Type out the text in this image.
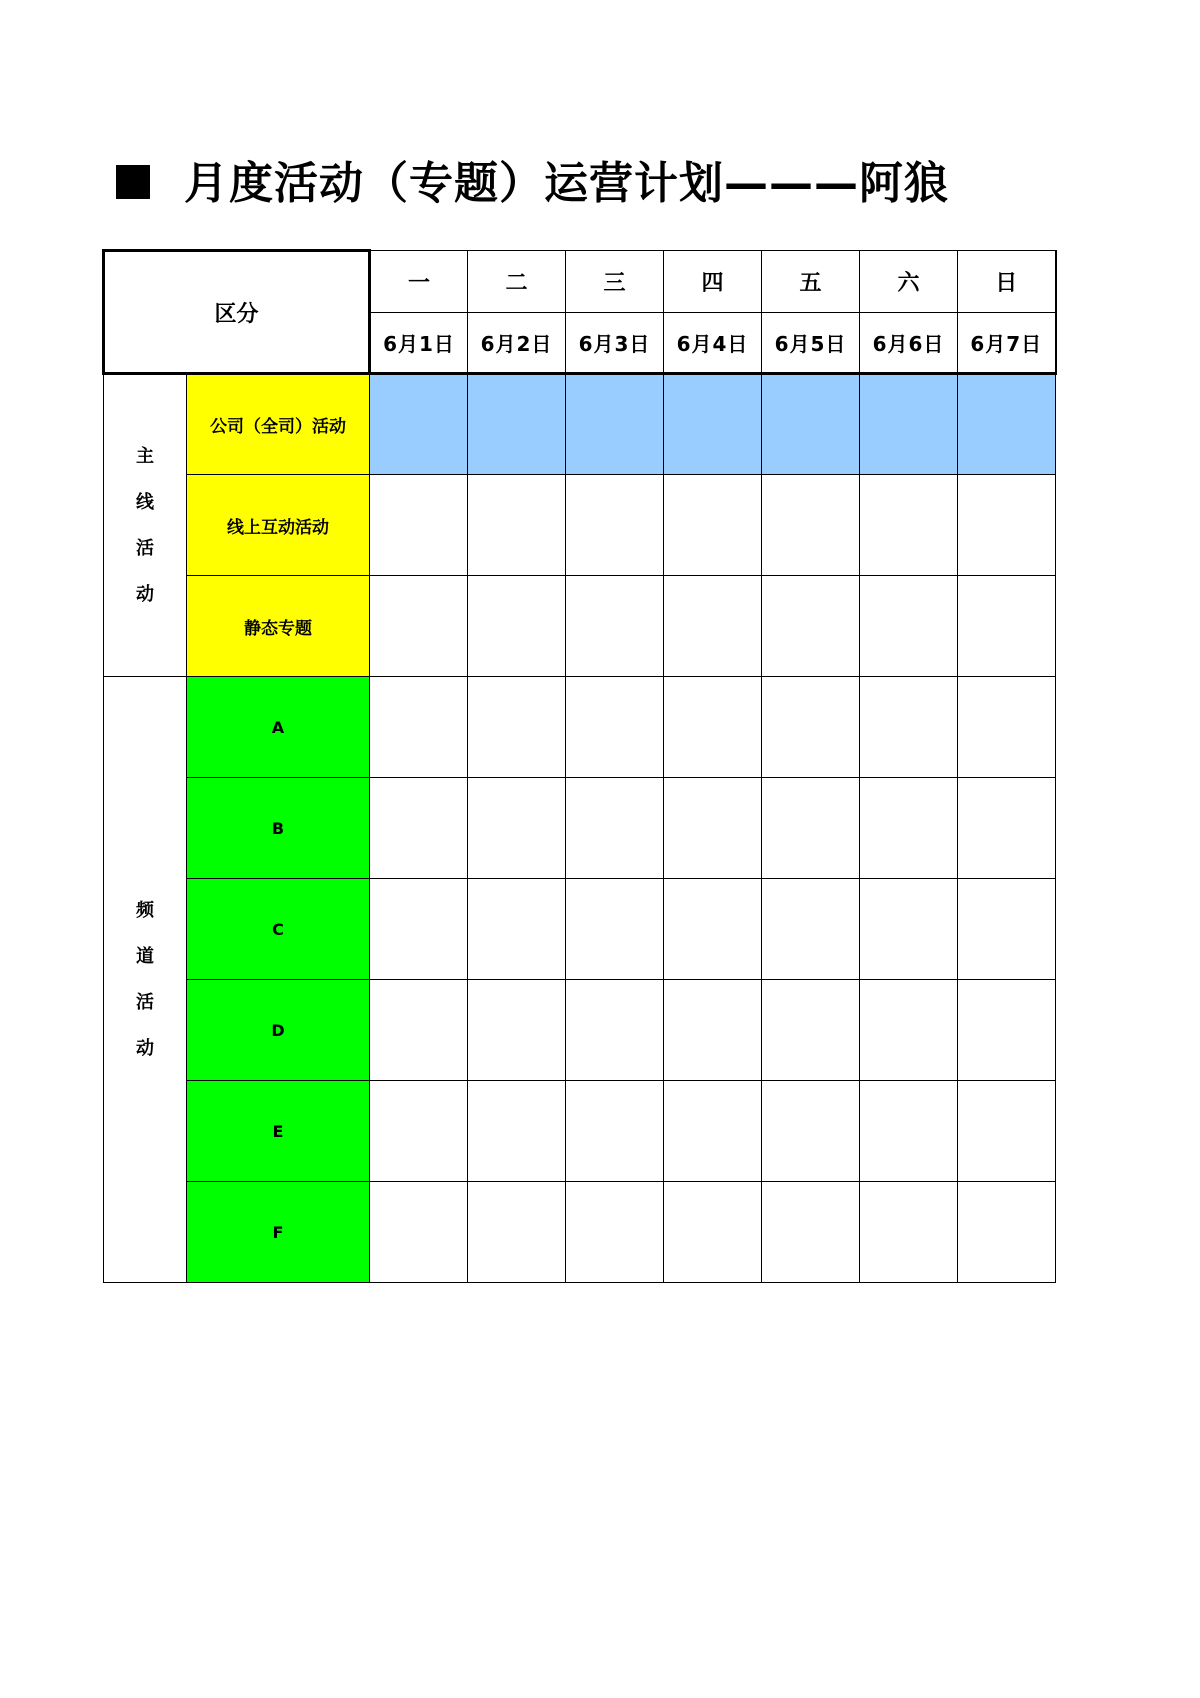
月度活动（专题）运营计划———阿狼
区分		一	二	三	四	五	六	日
		6月1日	6月2日	6月3日	6月4日	6月5日	6月6日	6月7日

主
线
活
动	公司（全司）活动							
	线上互动活动							
	静态专题							

频
道
活
动	A							
	B							
	C							
	D							
	E							
	F							
